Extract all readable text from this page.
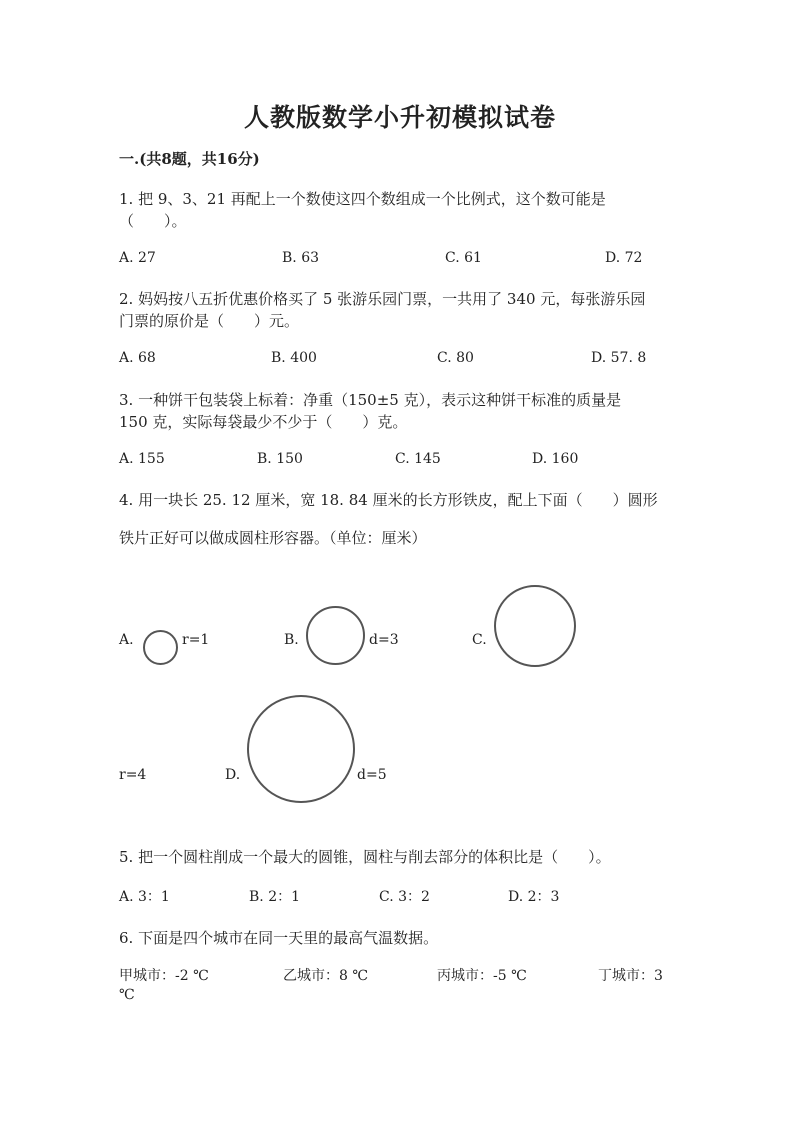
人教版数学小升初模拟试卷
一.(共8题，共16分)
1. 把 9、3、21 再配上一个数使这四个数组成一个比例式，这个数可能是
（　　）。
A. 27	B. 63	C. 61	D. 72
2. 妈妈按八五折优惠价格买了 5 张游乐园门票，一共用了 340 元，每张游乐园
门票的原价是（　　）元。
A. 68	B. 400	C. 80	D. 57. 8
3. 一种饼干包装袋上标着：净重（150±5 克），表示这种饼干标准的质量是
150 克，实际每袋最少不少于（　　）克。
A. 155	B. 150	C. 145	D. 160
4. 用一块长 25. 12 厘米，宽 18. 84 厘米的长方形铁皮，配上下面（　　）圆形
铁片正好可以做成圆柱形容器。（单位：厘米）
A.	r=1	B.	d=3	C.
r=4	D.	d=5
5. 把一个圆柱削成一个最大的圆锥，圆柱与削去部分的体积比是（　　）。
A. 3：1	B. 2：1	C. 3：2	D. 2：3
6. 下面是四个城市在同一天里的最高气温数据。
甲城市：-2 ℃	乙城市：8 ℃	丙城市：-5 ℃	丁城市：3
℃
